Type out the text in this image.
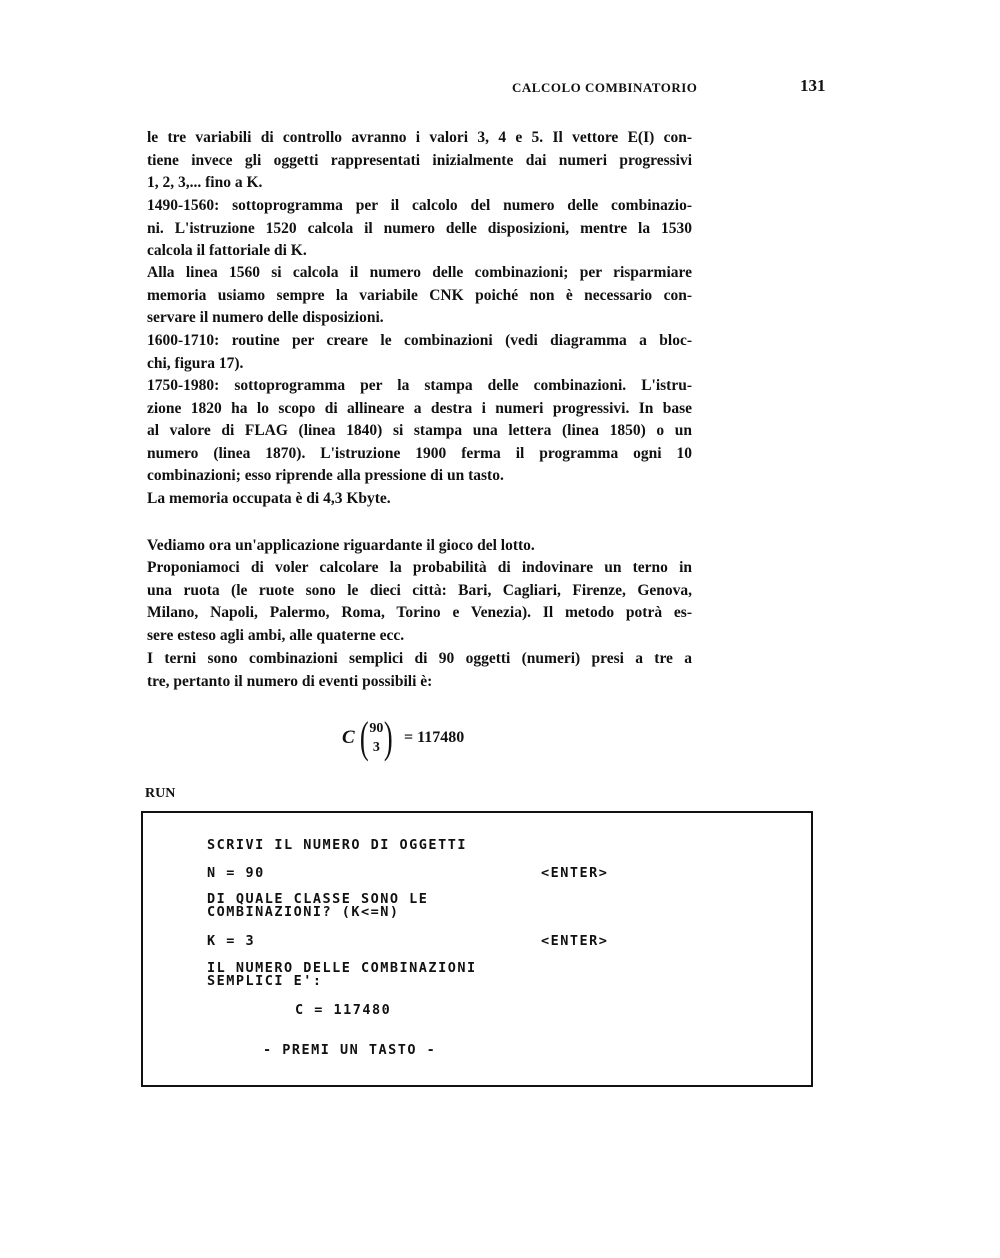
CALCOLO COMBINATORIO	131
le tre variabili di controllo avranno i valori 3, 4 e 5. Il vettore E(I) con-
tiene invece gli oggetti rappresentati inizialmente dai numeri progressivi
1, 2, 3,... fino a K.
1490-1560: sottoprogramma per il calcolo del numero delle combinazio-
ni. L'istruzione 1520 calcola il numero delle disposizioni, mentre la 1530
calcola il fattoriale di K.
Alla linea 1560 si calcola il numero delle combinazioni; per risparmiare
memoria usiamo sempre la variabile CNK poiché non è necessario con-
servare il numero delle disposizioni.
1600-1710: routine per creare le combinazioni (vedi diagramma a bloc-
chi, figura 17).
1750-1980: sottoprogramma per la stampa delle combinazioni. L'istru-
zione 1820 ha lo scopo di allineare a destra i numeri progressivi. In base
al valore di FLAG (linea 1840) si stampa una lettera (linea 1850) o un
numero (linea 1870). L'istruzione 1900 ferma il programma ogni 10
combinazioni; esso riprende alla pressione di un tasto.
La memoria occupata è di 4,3 Kbyte.
Vediamo ora un'applicazione riguardante il gioco del lotto.
Proponiamoci di voler calcolare la probabilità di indovinare un terno in
una ruota (le ruote sono le dieci città: Bari, Cagliari, Firenze, Genova,
Milano, Napoli, Palermo, Roma, Torino e Venezia). Il metodo potrà es-
sere esteso agli ambi, alle quaterne ecc.
I terni sono combinazioni semplici di 90 oggetti (numeri) presi a tre a
tre, pertanto il numero di eventi possibili è:
C ( 90
3 ) = 117480
RUN
SCRIVI IL NUMERO DI OGGETTI
N = 90	<ENTER>
DI QUALE CLASSE SONO LE
COMBINAZIONI? (K<=N)
K = 3	<ENTER>
IL NUMERO DELLE COMBINAZIONI
SEMPLICI E':
C = 117480
- PREMI UN TASTO -
